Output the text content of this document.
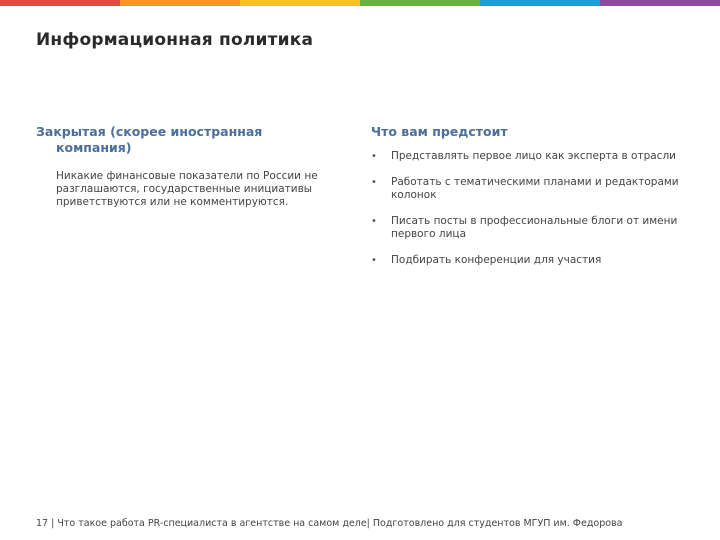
Информационная политика
Закрытая (скорее иностранная
компания)
Никакие финансовые показатели по России не разглашаются, государственные инициативы приветствуются или не комментируются.
Что вам предстоит
• Представлять первое лицо как эксперта в отрасли
• Работать с тематическими планами и редакторами колонок
• Писать посты в профессиональные блоги от имени первого лица
• Подбирать конференции для участия
17 | Что такое работа PR-специалиста в агентстве на самом деле| Подготовлено для студентов МГУП им. Федорова
